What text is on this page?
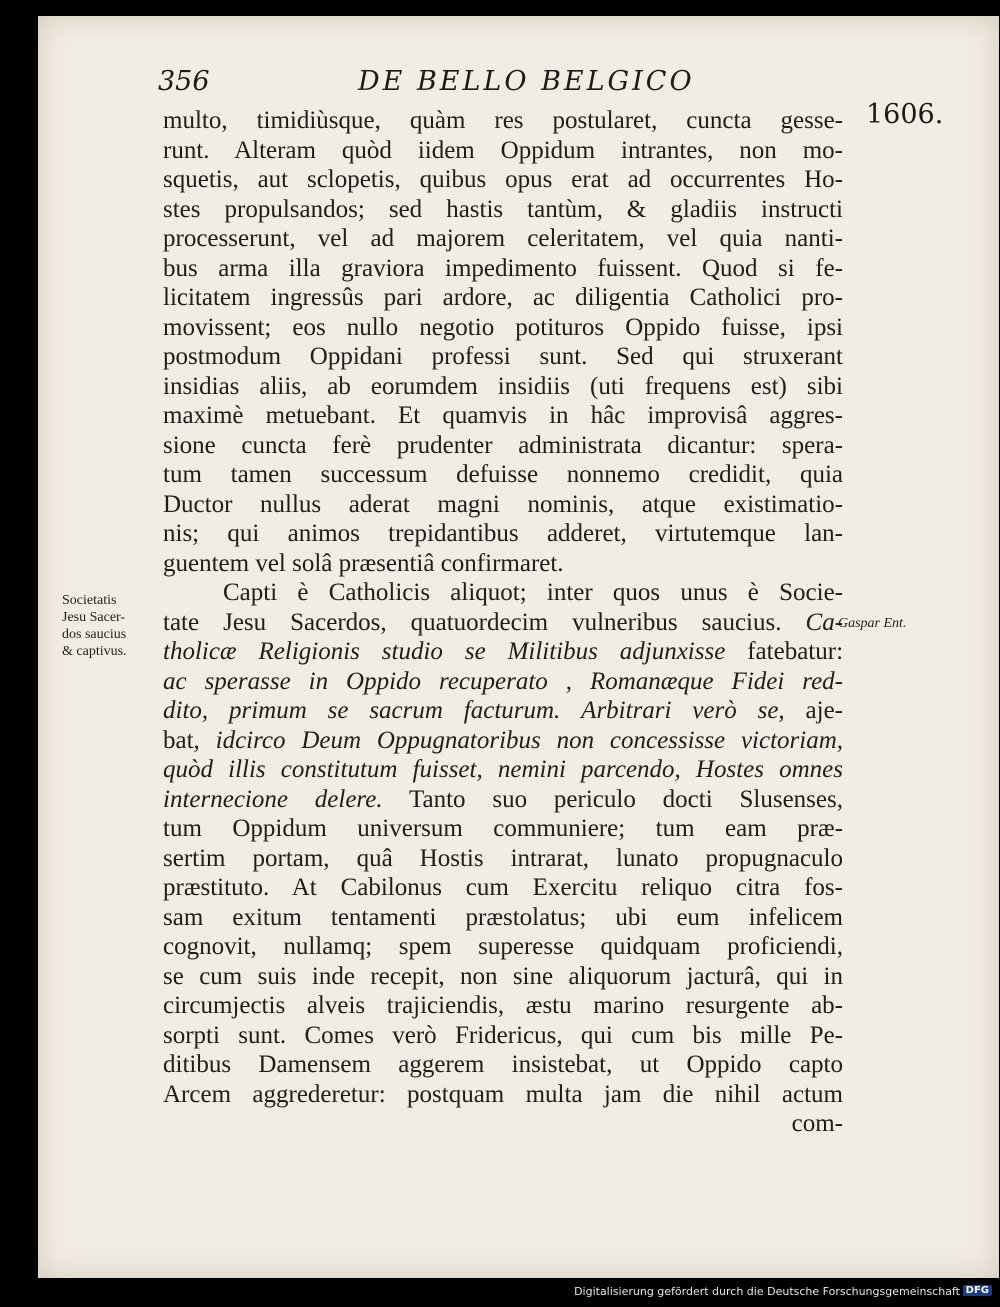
356	DE BELLO BELGICO
1606.
multo, timidiùsque, quàm res postularet, cuncta gesse-
runt. Alteram quòd iidem Oppidum intrantes, non mo-
squetis, aut sclopetis, quibus opus erat ad occurrentes Ho-
stes propulsandos; sed hastis tantùm, & gladiis instructi
processerunt, vel ad majorem celeritatem, vel quia nanti-
bus arma illa graviora impedimento fuissent. Quod si fe-
licitatem ingressûs pari ardore, ac diligentia Catholici pro-
movissent; eos nullo negotio potituros Oppido fuisse, ipsi
postmodum Oppidani professi sunt. Sed qui struxerant
insidias aliis, ab eorumdem insidiis (uti frequens est) sibi
maximè metuebant. Et quamvis in hâc improvisâ aggres-
sione cuncta ferè prudenter administrata dicantur: spera-
tum tamen successum defuisse nonnemo credidit, quia
Ductor nullus aderat magni nominis, atque existimatio-
nis; qui animos trepidantibus adderet, virtutemque lan-
guentem vel solâ præsentiâ confirmaret.
Capti è Catholicis aliquot; inter quos unus è Socie-
tate Jesu Sacerdos, quatuordecim vulneribus saucius. Ca-
tholicæ Religionis studio se Militibus adjunxisse fatebatur:
ac sperasse in Oppido recuperato , Romanæque Fidei red-
dito, primum se sacrum facturum. Arbitrari verò se, aje-
bat, idcirco Deum Oppugnatoribus non concessisse victoriam,
quòd illis constitutum fuisset, nemini parcendo, Hostes omnes
internecione delere. Tanto suo periculo docti Slusenses,
tum Oppidum universum communiere; tum eam præ-
sertim portam, quâ Hostis intrarat, lunato propugnaculo
præstituto. At Cabilonus cum Exercitu reliquo citra fos-
sam exitum tentamenti præstolatus; ubi eum infelicem
cognovit, nullamq; spem superesse quidquam proficiendi,
se cum suis inde recepit, non sine aliquorum jacturâ, qui in
circumjectis alveis trajiciendis, æstu marino resurgente ab-
sorpti sunt. Comes verò Fridericus, qui cum bis mille Pe-
ditibus Damensem aggerem insistebat, ut Oppido capto
Arcem aggrederetur: postquam multa jam die nihil actum
com-
Societatis
Jesu Sacer-
dos saucius
& captivus.
Gaspar Ent.
Digitalisierung gefördert durch die Deutsche Forschungsgemeinschaft DFG
